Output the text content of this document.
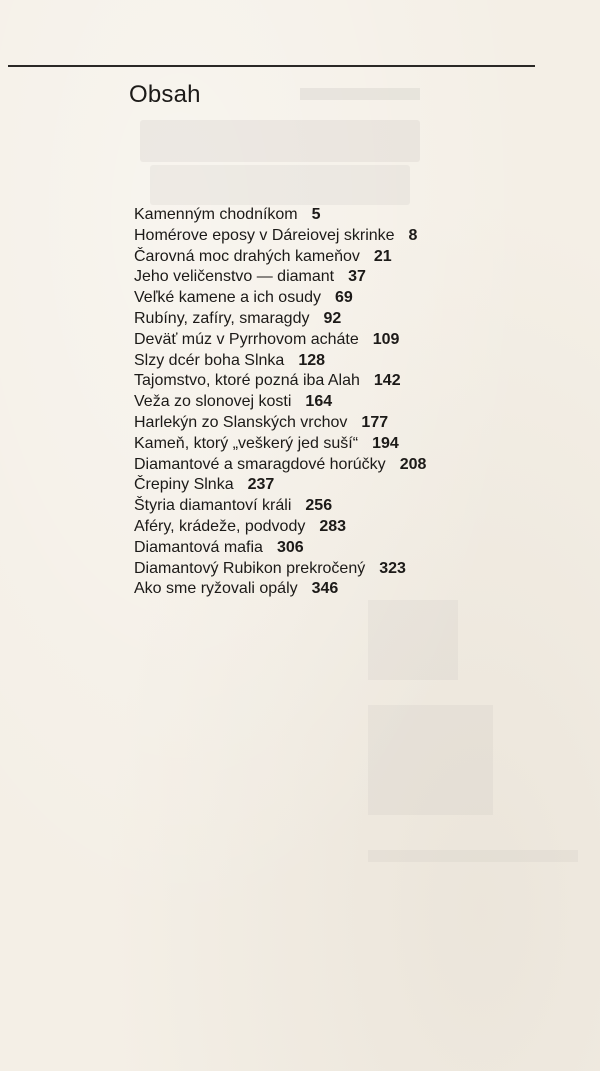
Obsah
Kamenným chodníkom 5
Homérove eposy v Dáreiovej skrinke 8
Čarovná moc drahých kameňov 21
Jeho veličenstvo — diamant 37
Veľké kamene a ich osudy 69
Rubíny, zafíry, smaragdy 92
Deväť múz v Pyrrhovom acháte 109
Slzy dcér boha Slnka 128
Tajomstvo, ktoré pozná iba Alah 142
Veža zo slonovej kosti 164
Harlekýn zo Slanských vrchov 177
Kameň, ktorý „veškerý jed suší“ 194
Diamantové a smaragdové horúčky 208
Črepiny Slnka 237
Štyria diamantoví králi 256
Aféry, krádeže, podvody 283
Diamantová mafia 306
Diamantový Rubikon prekročený 323
Ako sme ryžovali opály 346
